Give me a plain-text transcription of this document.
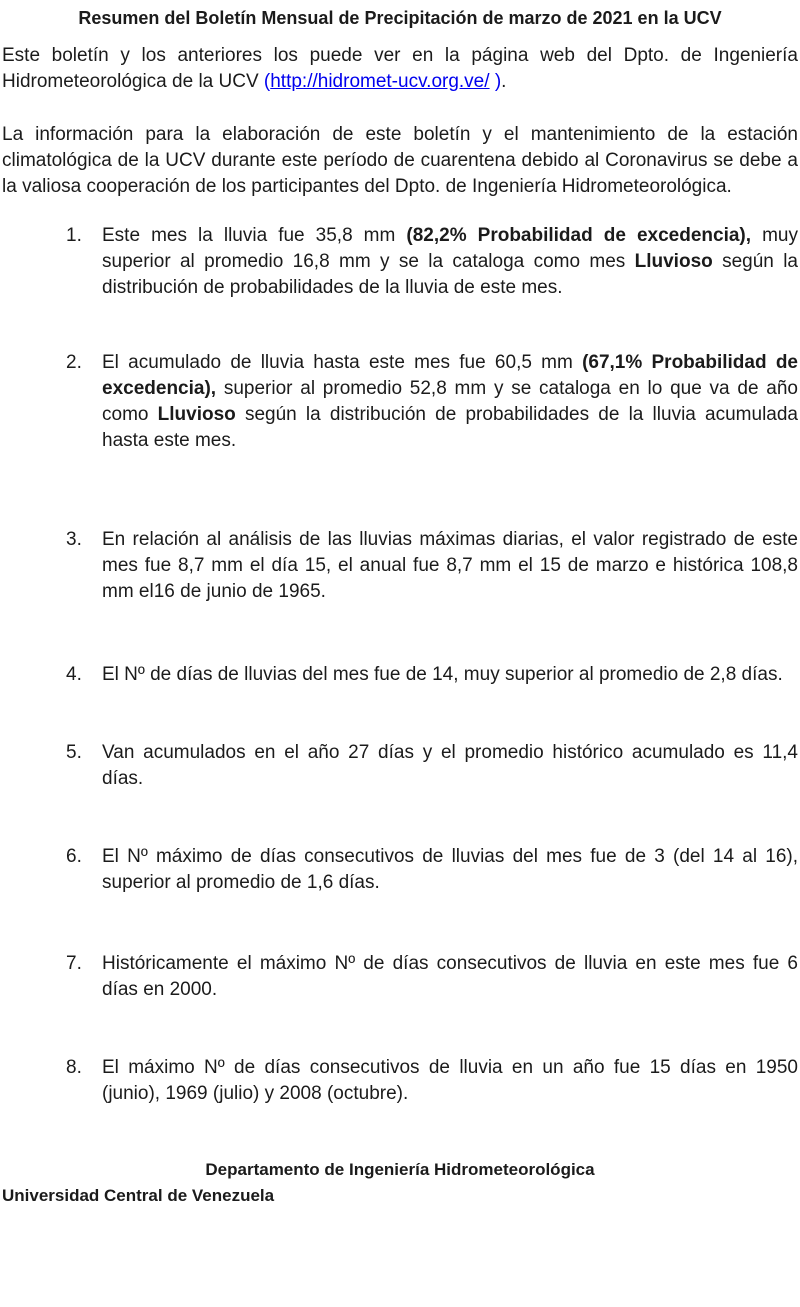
Resumen del Boletín Mensual de Precipitación de marzo de 2021 en la UCV

Este boletín y los anteriores los puede ver en la página web del Dpto. de Ingeniería Hidrometeorológica de la UCV (http://hidromet-ucv.org.ve/ ).

La información para la elaboración de este boletín y el mantenimiento de la estación climatológica de la UCV durante este período de cuarentena debido al Coronavirus se debe a la valiosa cooperación de los participantes del Dpto. de Ingeniería Hidrometeorológica.

1.	Este mes la lluvia fue 35,8 mm (82,2% Probabilidad de excedencia), muy superior al promedio 16,8 mm y se la cataloga como mes Lluvioso según la distribución de probabilidades de la lluvia de este mes.
2.	El acumulado de lluvia hasta este mes fue 60,5 mm (67,1% Probabilidad de excedencia), superior al promedio 52,8 mm y se cataloga en lo que va de año como Lluvioso según la distribución de probabilidades de la lluvia acumulada hasta este mes.
3.	En relación al análisis de las lluvias máximas diarias, el valor registrado de este mes fue 8,7 mm el día 15, el anual fue 8,7 mm el 15 de marzo e histórica 108,8 mm el16 de junio de 1965.
4.	El Nº de días de lluvias del mes fue de 14, muy superior al promedio de 2,8 días.
5.	Van acumulados en el año 27 días y el promedio histórico acumulado es 11,4 días.
6.	El Nº máximo de días consecutivos de lluvias del mes fue de 3 (del 14 al 16), superior al promedio de 1,6 días.
7.	Históricamente el máximo Nº de días consecutivos de lluvia en este mes fue 6 días en 2000.
8.	El máximo Nº de días consecutivos de lluvia en un año fue 15 días en 1950 (junio), 1969 (julio) y 2008 (octubre).

Departamento de Ingeniería Hidrometeorológica

Universidad Central de Venezuela
